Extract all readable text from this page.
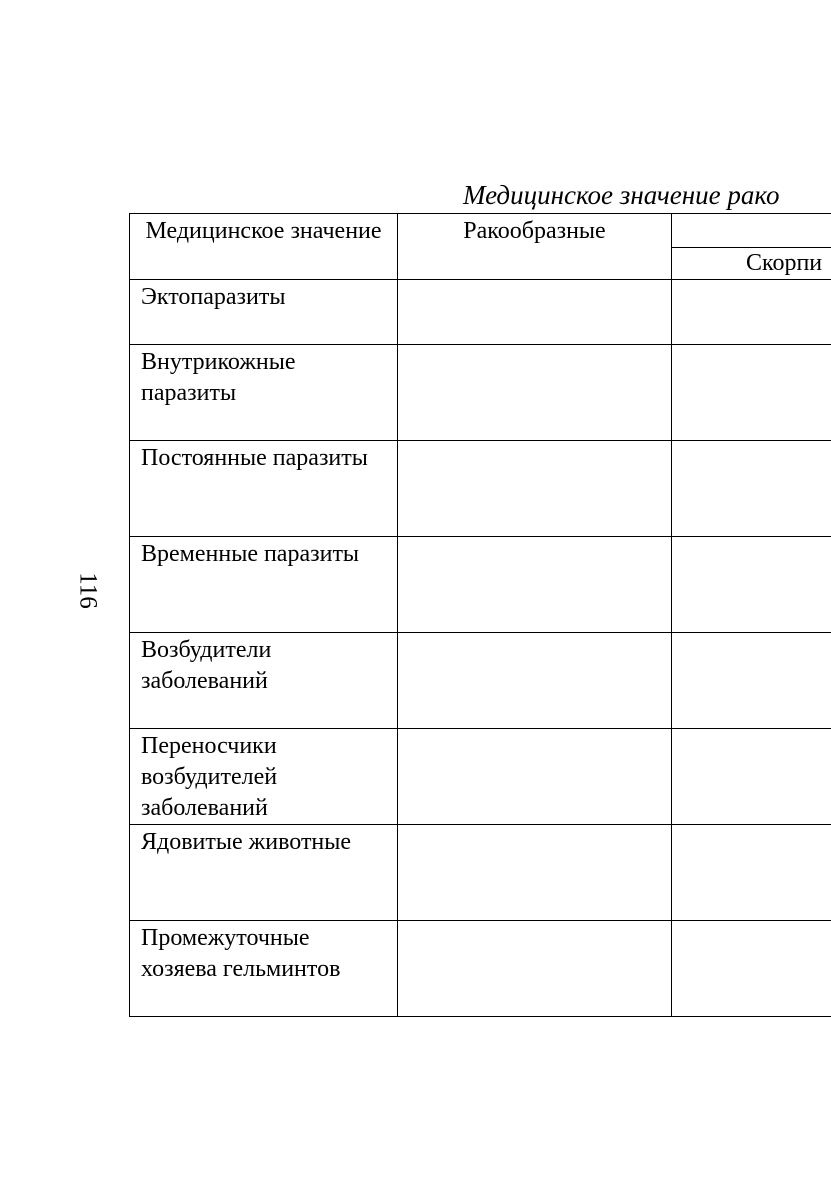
116
Медицинское значение рако
Медицинское значение	Ракообразные	
		Скорпи
Эктопаразиты		
Внутрикожные паразиты		
Постоянные паразиты		
Временные паразиты		
Возбудители заболеваний		
Переносчики возбудителей заболеваний		
Ядовитые животные		
Промежуточные хозяева гельминтов		
